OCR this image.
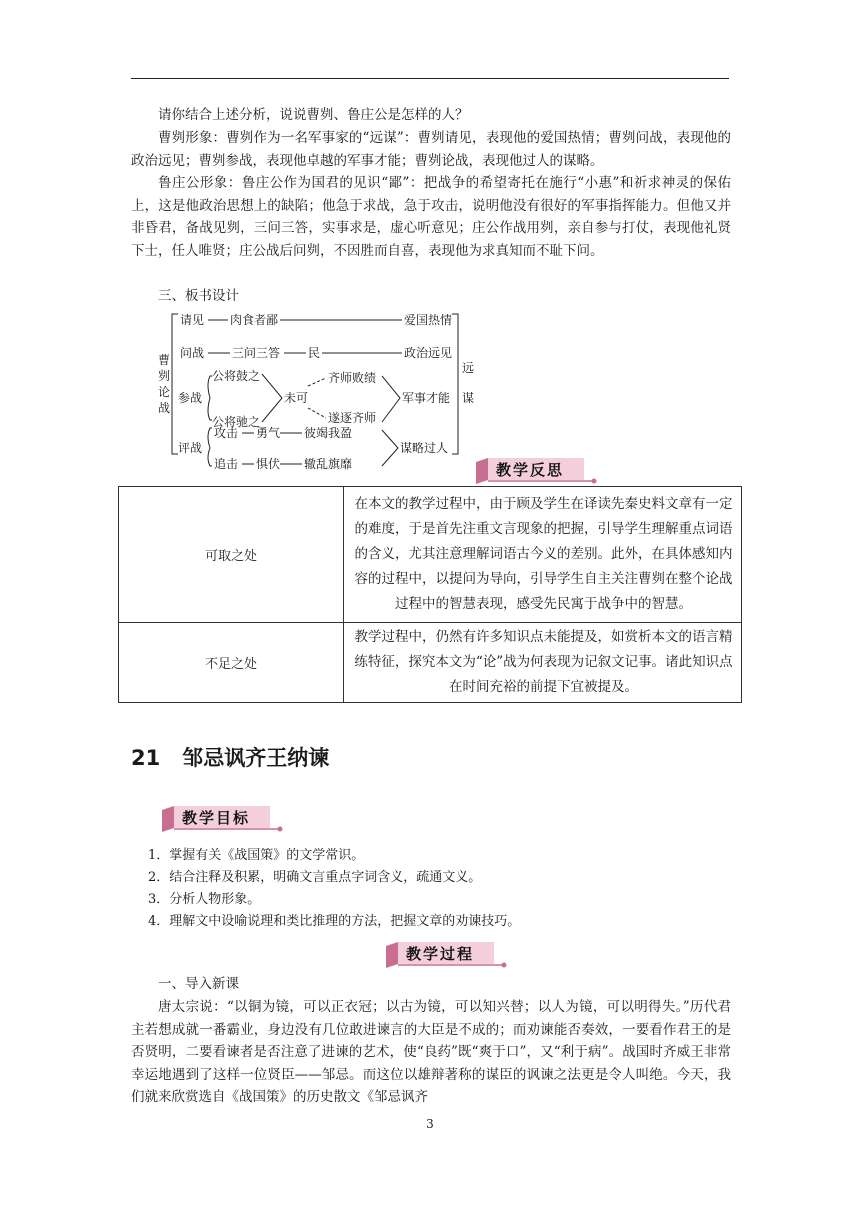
请你结合上述分析，说说曹刿、鲁庄公是怎样的人？
曹刿形象：曹刿作为一名军事家的“远谋”：曹刿请见，表现他的爱国热情；曹刿问战，表现他的政治远见；曹刿参战，表现他卓越的军事才能；曹刿论战，表现他过人的谋略。
鲁庄公形象：鲁庄公作为国君的见识“鄙”：把战争的希望寄托在施行“小惠”和祈求神灵的保佑上，这是他政治思想上的缺陷；他急于求战，急于攻击，说明他没有很好的军事指挥能力。但他又并非昏君，备战见刿，三问三答，实事求是，虚心听意见；庄公作战用刿，亲自参与打仗，表现他礼贤下士，任人唯贤；庄公战后问刿，不因胜而自喜，表现他为求真知而不耻下问。
三、板书设计
曹 刿 论 战
请见 肉食者鄙	爱国热情
问战 三问三答 民	政治远见
参战
公将鼓之
公将驰之
未可
齐师败绩
遂逐齐师
军事才能
评战
攻击 勇气 彼竭我盈
追击 惧伏 辙乱旗靡
谋略过人
远 谋
教学反思
可取之处	在本文的教学过程中，由于顾及学生在译读先秦史料文章有一定的难度，于是首先注重文言现象的把握，引导学生理解重点词语的含义，尤其注意理解词语古今义的差别。此外，在具体感知内容的过程中，以提问为导向，引导学生自主关注曹刿在整个论战过程中的智慧表现，感受先民寓于战争中的智慧。
不足之处	教学过程中，仍然有许多知识点未能提及，如赏析本文的语言精练特征，探究本文为“论”战为何表现为记叙文记事。诸此知识点在时间充裕的前提下宜被提及。
21 邹忌讽齐王纳谏
教学目标
1．掌握有关《战国策》的文学常识。
2．结合注释及积累，明确文言重点字词含义，疏通文义。
3．分析人物形象。
4．理解文中设喻说理和类比推理的方法，把握文章的劝谏技巧。
教学过程
一、导入新课
唐太宗说：“以铜为镜，可以正衣冠；以古为镜，可以知兴替；以人为镜，可以明得失。”历代君主若想成就一番霸业，身边没有几位敢进谏言的大臣是不成的；而劝谏能否奏效，一要看作君王的是否贤明，二要看谏者是否注意了进谏的艺术，使“良药”既“爽于口”，又“利于病”。战国时齐威王非常幸运地遇到了这样一位贤臣——邹忌。而这位以雄辩著称的谋臣的讽谏之法更是令人叫绝。今天，我们就来欣赏选自《战国策》的历史散文《邹忌讽齐
3
